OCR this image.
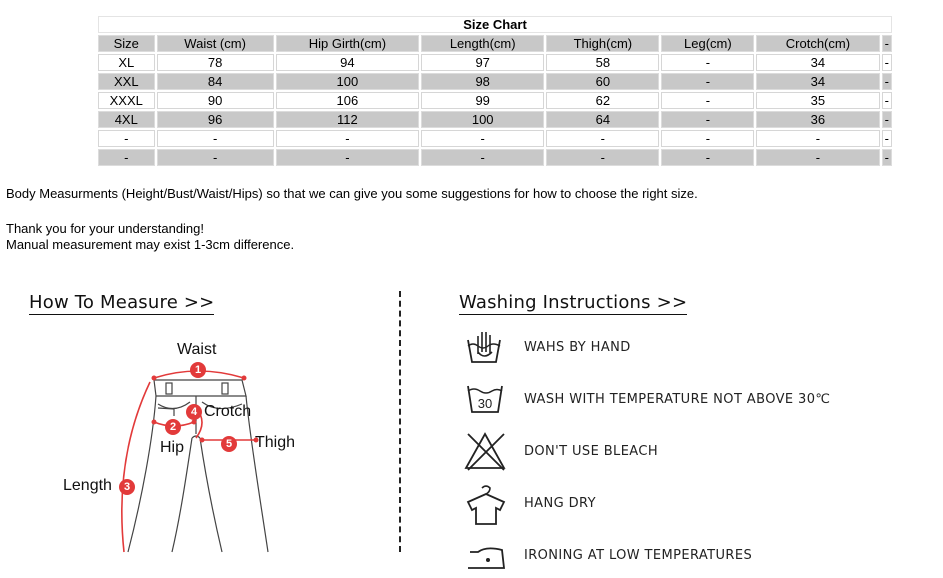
Size Chart							
Size	Waist (cm)	Hip Girth(cm)	Length(cm)	Thigh(cm)	Leg(cm)	Crotch(cm)	-
XL	78	94	97	58	-	34	-
XXL	84	100	98	60	-	34	-
XXXL	90	106	99	62	-	35	-
4XL	96	112	100	64	-	36	-
-	-	-	-	-	-	-	-
-	-	-	-	-	-	-	-
Body Measurments (Height/Bust/Waist/Hips) so that we can give you some suggestions for how to choose the right size.
Thank you for your understanding!
Manual measurement may exist 1-3cm difference.
How To Measure >>
Waist
1
4 Crotch
2
Hip	5	Thigh
Length	3
Washing Instructions >>
WAHS BY HAND
30 WASH WITH TEMPERATURE NOT ABOVE 30℃
DON'T USE BLEACH
HANG DRY
IRONING AT LOW TEMPERATURES
